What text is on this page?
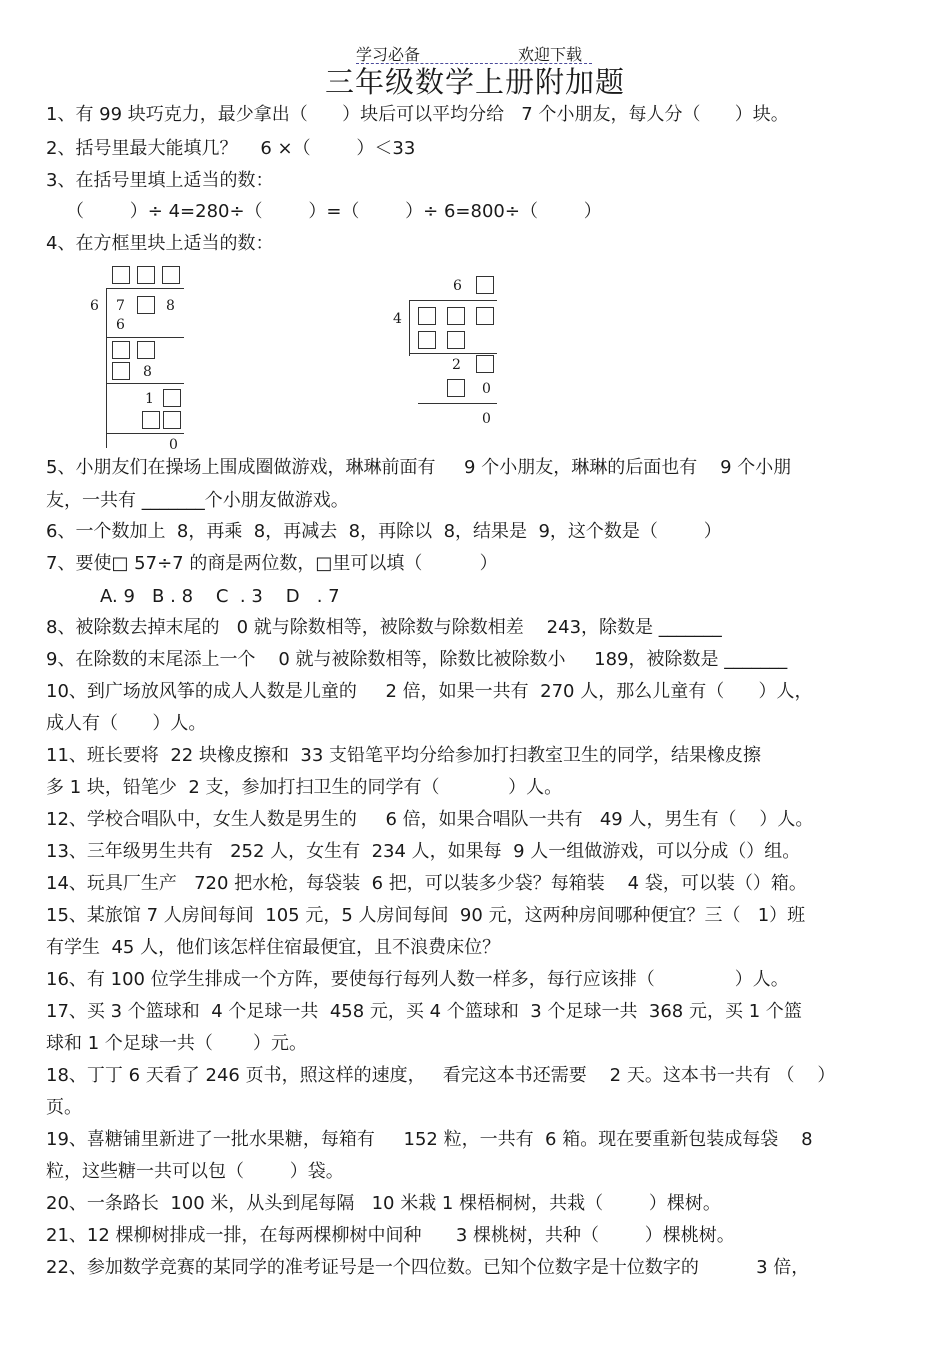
学习必备	欢迎下载
三年级数学上册附加题
1、有 99 块巧克力，最少拿出（      ）块后可以平均分给   7 个小朋友，每人分（      ）块。
2、括号里最大能填几？    6 ×（        ）＜33
3、在括号里填上适当的数：
（        ）÷ 4=280÷（        ）=（        ）÷ 6=800÷（        ）
4、在方框里块上适当的数：
6 7	8
6
8
1
0
6
4
2
0
0
5、小朋友们在操场上围成圈做游戏，琳琳前面有     9 个小朋友，琳琳的后面也有    9 个小朋
友，一共有 _______个小朋友做游戏。
6、一个数加上  8，再乘  8，再减去  8，再除以  8，结果是  9，这个数是（        ）
7、要使□ 57÷7 的商是两位数，□里可以填（          ）
A. 9   B . 8    C  . 3    D   . 7
8、被除数去掉末尾的   0 就与除数相等，被除数与除数相差    243，除数是 _______
9、在除数的末尾添上一个    0 就与被除数相等，除数比被除数小     189，被除数是 _______
10、到广场放风筝的成人人数是儿童的     2 倍，如果一共有  270 人，那么儿童有（      ）人，
成人有（      ）人。
11、班长要将  22 块橡皮擦和  33 支铅笔平均分给参加打扫教室卫生的同学，结果橡皮擦
多 1 块，铅笔少  2 支，参加打扫卫生的同学有（            ）人。
12、学校合唱队中，女生人数是男生的     6 倍，如果合唱队一共有   49 人，男生有（    ）人。
13、三年级男生共有   252 人，女生有  234 人，如果每  9 人一组做游戏，可以分成（）组。
14、玩具厂生产   720 把水枪，每袋装  6 把，可以装多少袋？每箱装    4 袋，可以装（）箱。
15、某旅馆 7 人房间每间  105 元，5 人房间每间  90 元，这两种房间哪种便宜？三（   1）班
有学生  45 人，他们该怎样住宿最便宜，且不浪费床位？
16、有 100 位学生排成一个方阵，要使每行每列人数一样多，每行应该排（              ）人。
17、买 3 个篮球和  4 个足球一共  458 元，买 4 个篮球和  3 个足球一共  368 元，买 1 个篮
球和 1 个足球一共（       ）元。
18、丁丁 6 天看了 246 页书，照这样的速度，   看完这本书还需要    2 天。这本书一共有 （    ）
页。
19、喜糖铺里新进了一批水果糖，每箱有     152 粒，一共有  6 箱。现在要重新包装成每袋    8
粒，这些糖一共可以包（        ）袋。
20、一条路长  100 米，从头到尾每隔   10 米栽 1 棵梧桐树，共栽（        ）棵树。
21、12 棵柳树排成一排，在每两棵柳树中间种      3 棵桃树，共种（        ）棵桃树。
22、参加数学竞赛的某同学的准考证号是一个四位数。已知个位数字是十位数字的          3 倍，
